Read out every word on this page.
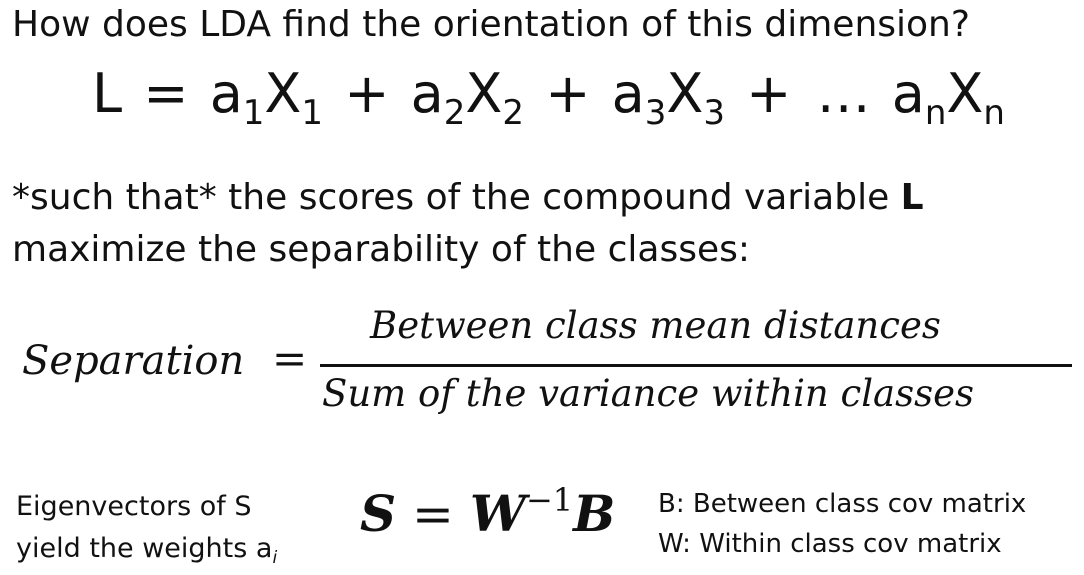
How does LDA find the orientation of this dimension?
$L = a_1X_1 + a_2X_2 + a_3X_3$ + … $a_nX_n$
*such that* the scores of the compound variable L
maximize the separability of the classes:
Separation =
Between class mean distances
Sum of the variance within classes
Eigenvectors of S
yield the weights $a_i$
$S = W^{-1}B$ B: Between class cov matrix
W: Within class cov matrix
